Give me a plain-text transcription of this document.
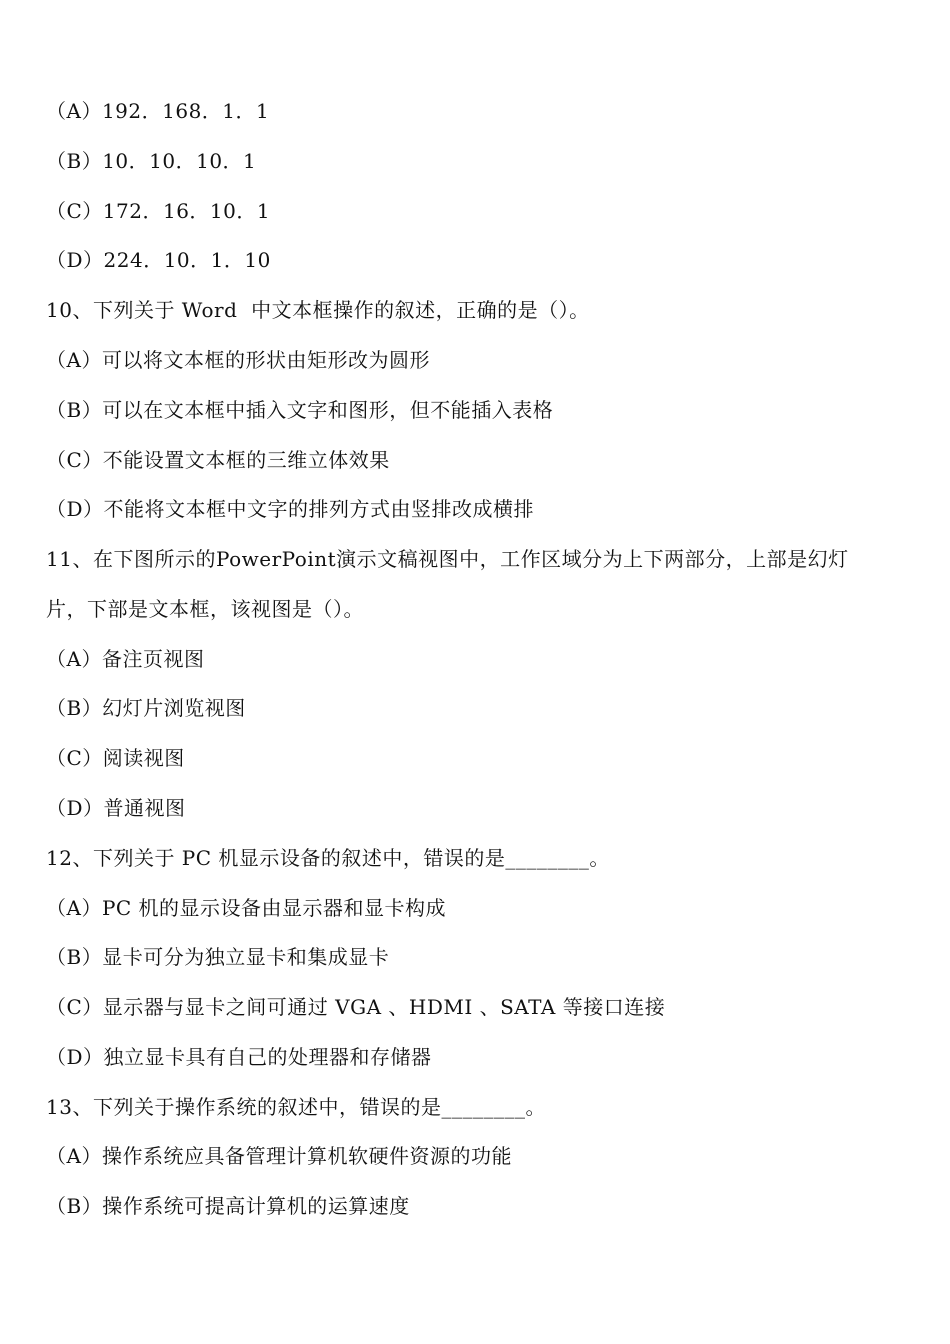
（A）192．168．1．1
（B）10．10．10．1
（C）172．16．10．1
（D）224．10．1．10
10、下列关于 Word  中文本框操作的叙述，正确的是（）。
（A）可以将文本框的形状由矩形改为圆形
（B）可以在文本框中插入文字和图形，但不能插入表格
（C）不能设置文本框的三维立体效果
（D）不能将文本框中文字的排列方式由竖排改成横排
11、在下图所示的PowerPoint演示文稿视图中，工作区域分为上下两部分，上部是幻灯
片，下部是文本框，该视图是（）。
（A）备注页视图
（B）幻灯片浏览视图
（C）阅读视图
（D）普通视图
12、下列关于 PC 机显示设备的叙述中，错误的是________。
（A）PC 机的显示设备由显示器和显卡构成
（B）显卡可分为独立显卡和集成显卡
（C）显示器与显卡之间可通过 VGA 、HDMI 、SATA 等接口连接
（D）独立显卡具有自己的处理器和存储器
13、下列关于操作系统的叙述中，错误的是________。
（A）操作系统应具备管理计算机软硬件资源的功能
（B）操作系统可提高计算机的运算速度
